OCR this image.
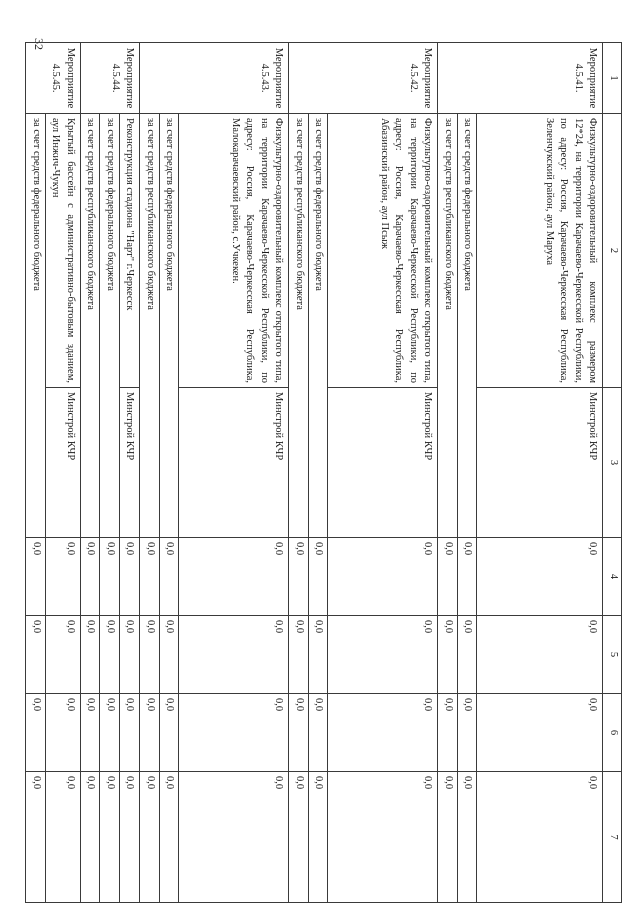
32
1	2	3	4	5	6	7
Мероприятие 4.5.41.	Физкультурно-оздоровительный комплекс размером 12*24, на территории Карачаево-Черкесской Республики, по адресу: Россия, Карачаево-Черкесская Республика, Зеленчукский район, аул Маруха	Минстрой КЧР	0,0	0,0	0,0	0,0
	за счет средств федерального бюджета		0,0	0,0	0,0	0,0
	за счет средств республиканского бюджета		0,0	0,0	0,0	0,0
Мероприятие 4.5.42.	Физкультурно-оздоровительный комплекс открытого типа, на территории Карачаево-Черкесской Республики, по адресу: Россия, Карачаево-Черкесская Республика, Абазинский район, аул Псыж	Минстрой КЧР	0,0	0,0	0,0	0,0
	за счет средств федерального бюджета		0,0	0,0	0,0	0,0
	за счет средств республиканского бюджета		0,0	0,0	0,0	0,0
Мероприятие 4.5.43.	Физкультурно-оздоровительный комплекс открытого типа, на территории Карачаево-Черкесской Республики, по адресу: Россия, Карачаево-Черкесская Республика, Малокарачаевский район, с.Учкекен.	Минстрой КЧР	0,0	0,0	0,0	0,0
	за счет средств федерального бюджета		0,0	0,0	0,0	0,0
	за счет средств республиканского бюджета		0,0	0,0	0,0	0,0
Мероприятие 4.5.44.	Реконструкция стадиона "Нарт" г.Черкесск	Минстрой КЧР	0,0	0,0	0,0	0,0
	за счет средств федерального бюджета		0,0	0,0	0,0	0,0
	за счет средств республиканского бюджета		0,0	0,0	0,0	0,0
Мероприятие 4.5.45.	Крытый бассейн с административно-бытовым зданием, аул Инжич-Чукун	Минстрой КЧР	0,0	0,0	0,0	0,0
	за счет средств федерального бюджета		0,0	0,0	0,0	0,0
